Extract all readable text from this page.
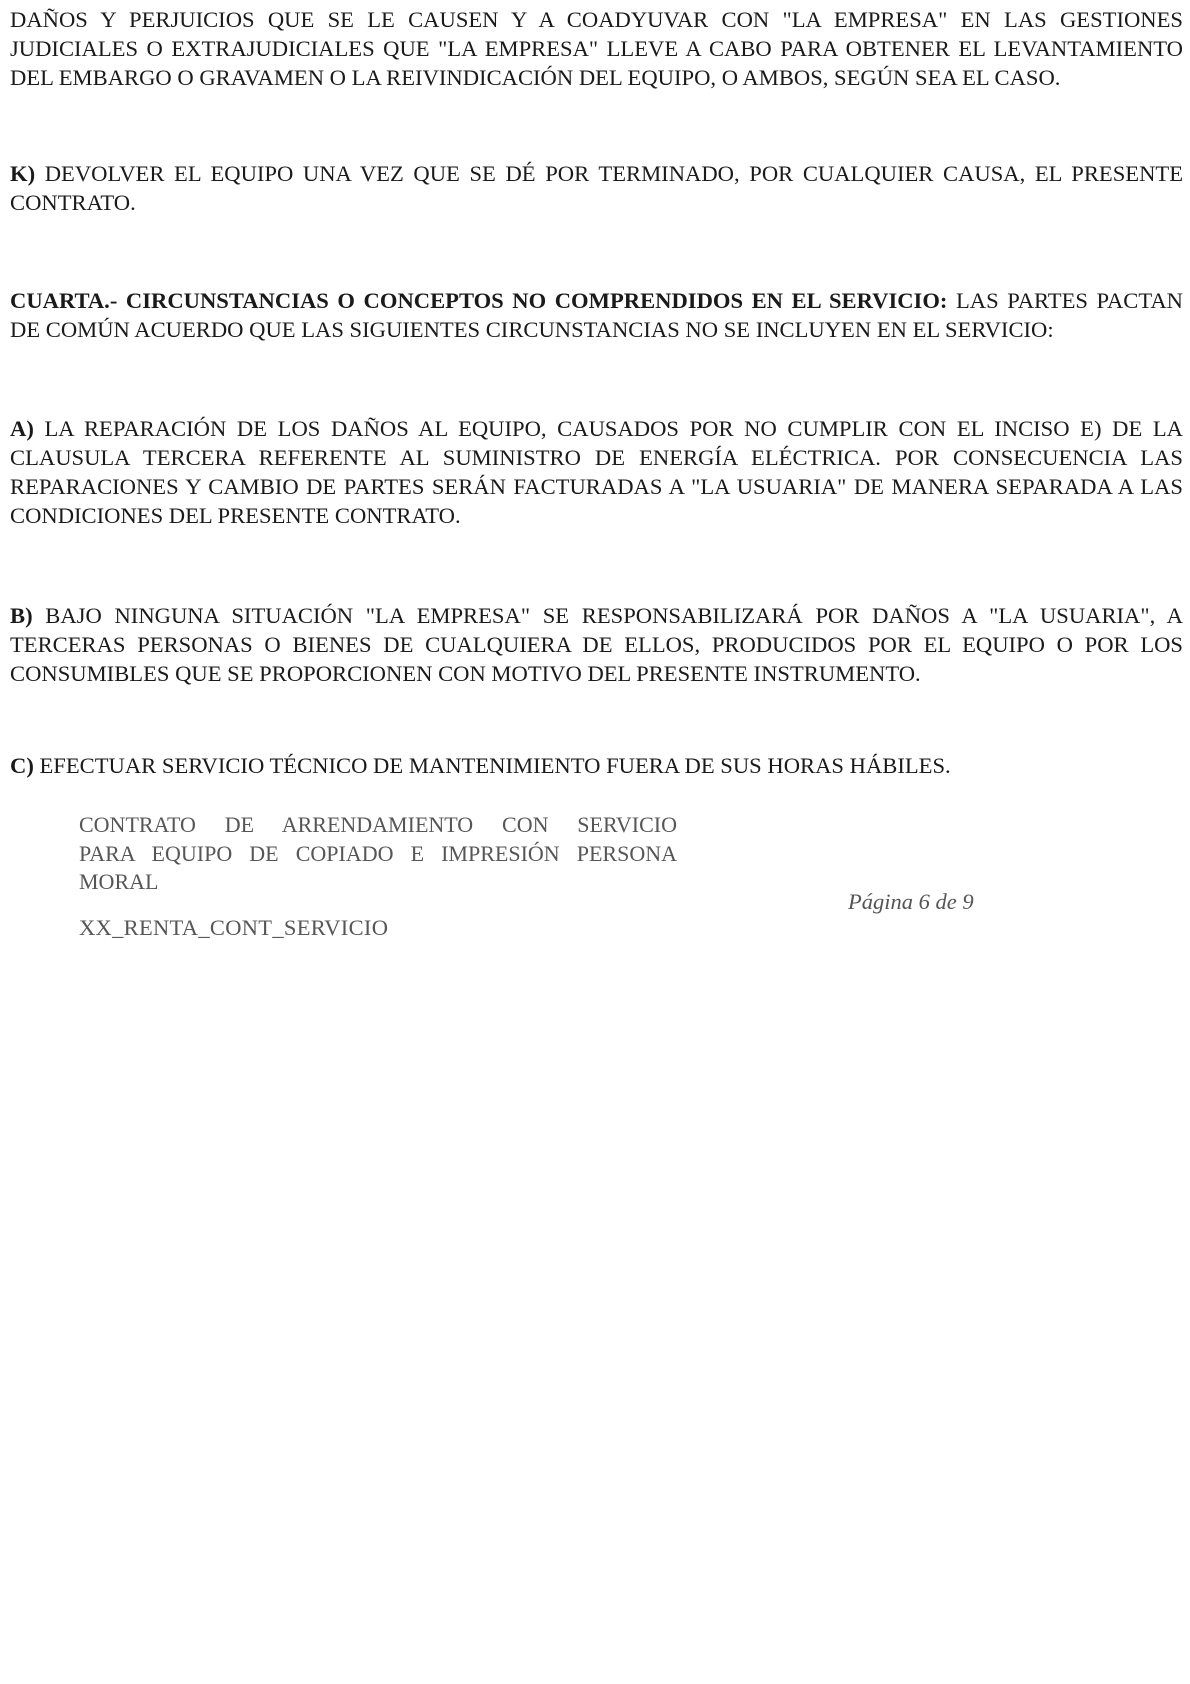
DAÑOS Y PERJUICIOS QUE SE LE CAUSEN Y A COADYUVAR CON "LA EMPRESA" EN LAS GESTIONES JUDICIALES O EXTRAJUDICIALES QUE "LA EMPRESA" LLEVE A CABO PARA OBTENER EL LEVANTAMIENTO DEL EMBARGO O GRAVAMEN O LA REIVINDICACIÓN DEL EQUIPO, O AMBOS, SEGÚN SEA EL CASO.

K) DEVOLVER EL EQUIPO UNA VEZ QUE SE DÉ POR TERMINADO, POR CUALQUIER CAUSA, EL PRESENTE CONTRATO.

CUARTA.- CIRCUNSTANCIAS O CONCEPTOS NO COMPRENDIDOS EN EL SERVICIO: LAS PARTES PACTAN DE COMÚN ACUERDO QUE LAS SIGUIENTES CIRCUNSTANCIAS NO SE INCLUYEN EN EL SERVICIO:

A) LA REPARACIÓN DE LOS DAÑOS AL EQUIPO, CAUSADOS POR NO CUMPLIR CON EL INCISO E) DE LA CLAUSULA TERCERA REFERENTE AL SUMINISTRO DE ENERGÍA ELÉCTRICA. POR CONSECUENCIA LAS REPARACIONES Y CAMBIO DE PARTES SERÁN FACTURADAS A "LA USUARIA" DE MANERA SEPARADA A LAS CONDICIONES DEL PRESENTE CONTRATO.

B) BAJO NINGUNA SITUACIÓN "LA EMPRESA" SE RESPONSABILIZARÁ POR DAÑOS A "LA USUARIA", A TERCERAS PERSONAS O BIENES DE CUALQUIERA DE ELLOS, PRODUCIDOS POR EL EQUIPO O POR LOS CONSUMIBLES QUE SE PROPORCIONEN CON MOTIVO DEL PRESENTE INSTRUMENTO.

C) EFECTUAR SERVICIO TÉCNICO DE MANTENIMIENTO FUERA DE SUS HORAS HÁBILES.

CONTRATO DE ARRENDAMIENTO CON SERVICIO
PARA EQUIPO DE COPIADO E IMPRESIÓN PERSONA
MORAL
Página 6 de 9
XX_RENTA_CONT_SERVICIO
